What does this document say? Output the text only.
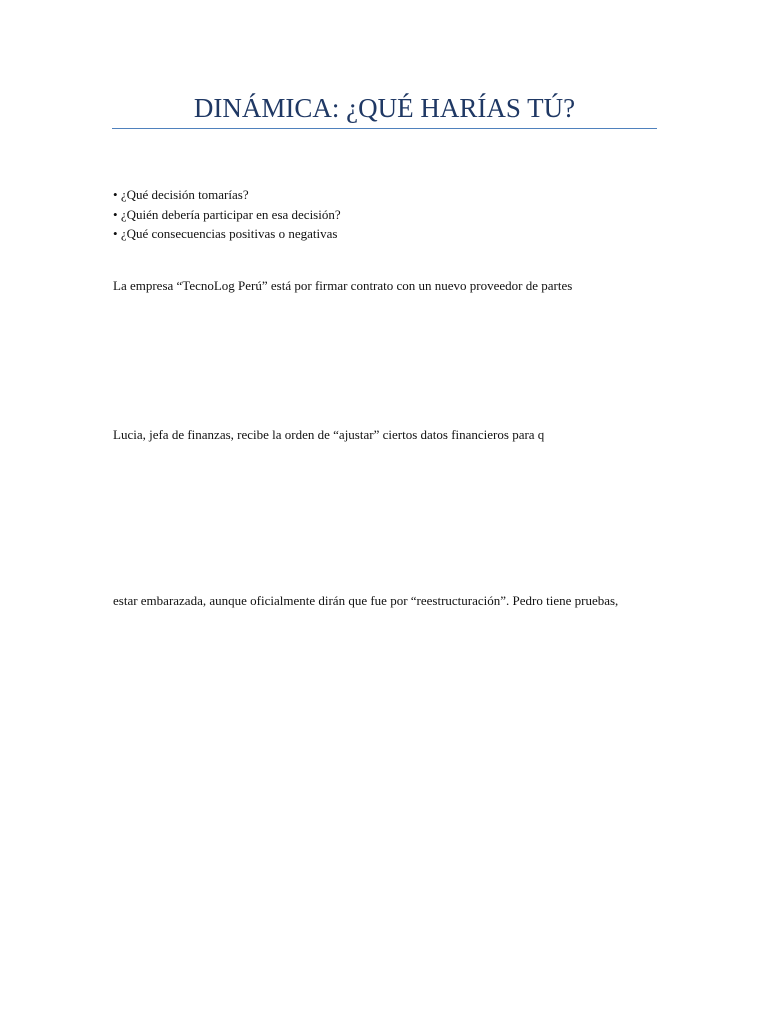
DINÁMICA: ¿QUÉ HARÍAS TÚ?
• ¿Qué decisión tomarías?
• ¿Quién debería participar en esa decisión?
• ¿Qué consecuencias positivas o negativas

La empresa “TecnoLog Perú” está por firmar contrato con un nuevo proveedor de partes

Lucia, jefa de finanzas, recibe la orden de “ajustar” ciertos datos financieros para q

estar embarazada, aunque oficialmente dirán que fue por “reestructuración”. Pedro tiene pruebas,
